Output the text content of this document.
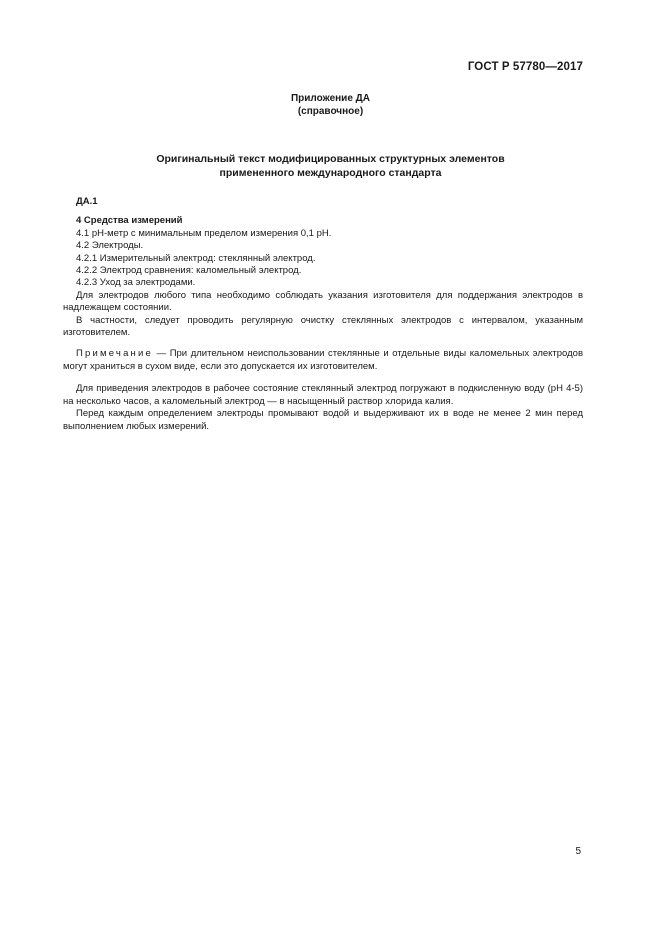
ГОСТ Р 57780—2017
Приложение ДА
(справочное)
Оригинальный текст модифицированных структурных элементов
примененного международного стандарта
ДА.1
4 Средства измерений
4.1 pH-метр с минимальным пределом измерения 0,1 pH.
4.2 Электроды.
4.2.1 Измерительный электрод: стеклянный электрод.
4.2.2 Электрод сравнения: каломельный электрод.
4.2.3 Уход за электродами.
Для электродов любого типа необходимо соблюдать указания изготовителя для поддержания электродов в надлежащем состоянии.
В частности, следует проводить регулярную очистку стеклянных электродов с интервалом, указанным изготовителем.
Примечание — При длительном неиспользовании стеклянные и отдельные виды каломельных электродов могут храниться в сухом виде, если это допускается их изготовителем.
Для приведения электродов в рабочее состояние стеклянный электрод погружают в подкисленную воду (pH 4-5) на несколько часов, а каломельный электрод — в насыщенный раствор хлорида калия.
Перед каждым определением электроды промывают водой и выдерживают их в воде не менее 2 мин перед выполнением любых измерений.
5
